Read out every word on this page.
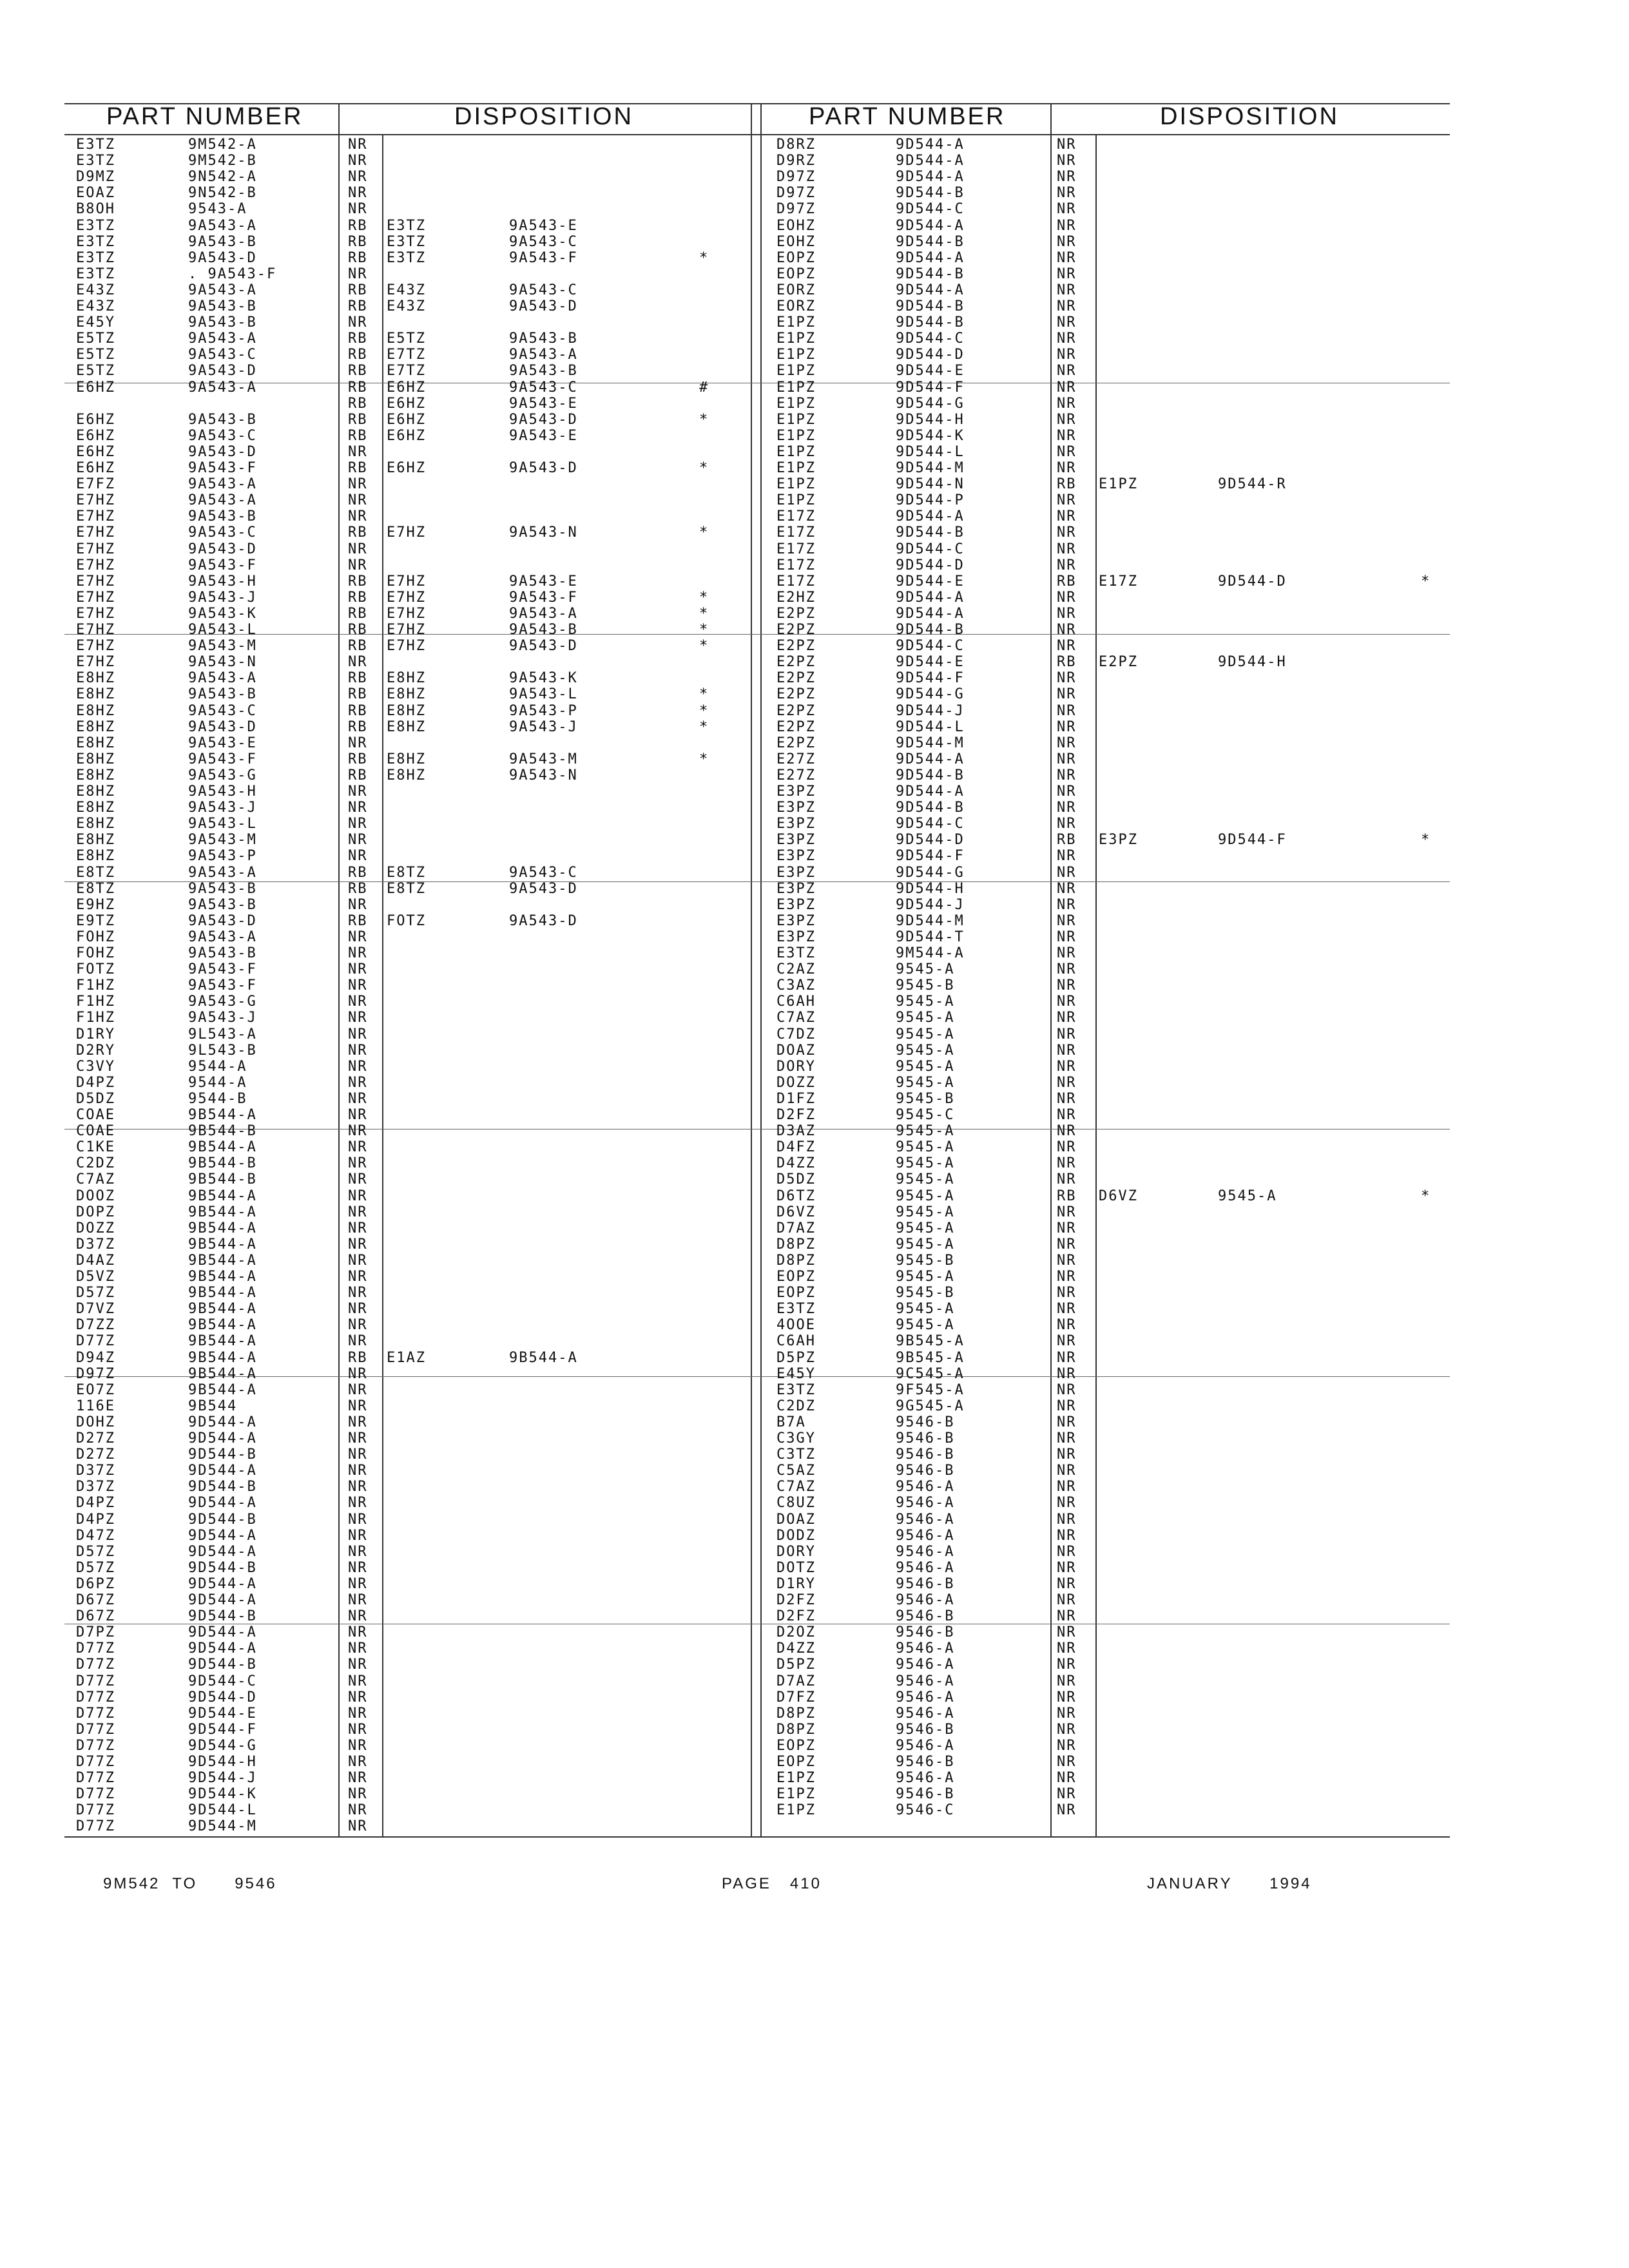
PART NUMBER	DISPOSITION	PART NUMBER	DISPOSITION
E3TZ	9M542-A	NR
E3TZ	9M542-B	NR
D9MZ	9N542-A	NR
EOAZ	9N542-B	NR
B8OH	9543-A	NR
E3TZ	9A543-A	RB E3TZ	9A543-E
E3TZ	9A543-B	RB E3TZ	9A543-C
E3TZ	9A543-D	RB E3TZ	9A543-F	*
E3TZ	. 9A543-F	NR
E43Z	9A543-A	RB E43Z	9A543-C
E43Z	9A543-B	RB E43Z	9A543-D
E45Y	9A543-B	NR
E5TZ	9A543-A	RB E5TZ	9A543-B
E5TZ	9A543-C	RB E7TZ	9A543-A
E5TZ	9A543-D	RB E7TZ	9A543-B
E6HZ	9A543-A	RB E6HZ	9A543-C	#
RB E6HZ	9A543-E
E6HZ	9A543-B	RB E6HZ	9A543-D	*
E6HZ	9A543-C	RB E6HZ	9A543-E
E6HZ	9A543-D	NR
E6HZ	9A543-F	RB E6HZ	9A543-D	*
E7FZ	9A543-A	NR
E7HZ	9A543-A	NR
E7HZ	9A543-B	NR
E7HZ	9A543-C	RB E7HZ	9A543-N	*
E7HZ	9A543-D	NR
E7HZ	9A543-F	NR
E7HZ	9A543-H	RB E7HZ	9A543-E
E7HZ	9A543-J	RB E7HZ	9A543-F	*
E7HZ	9A543-K	RB E7HZ	9A543-A	*
E7HZ	9A543-L	RB E7HZ	9A543-B	*
E7HZ	9A543-M	RB E7HZ	9A543-D	*
E7HZ	9A543-N	NR
E8HZ	9A543-A	RB E8HZ	9A543-K
E8HZ	9A543-B	RB E8HZ	9A543-L	*
E8HZ	9A543-C	RB E8HZ	9A543-P	*
E8HZ	9A543-D	RB E8HZ	9A543-J	*
E8HZ	9A543-E	NR
E8HZ	9A543-F	RB E8HZ	9A543-M	*
E8HZ	9A543-G	RB E8HZ	9A543-N
E8HZ	9A543-H	NR
E8HZ	9A543-J	NR
E8HZ	9A543-L	NR
E8HZ	9A543-M	NR
E8HZ	9A543-P	NR
E8TZ	9A543-A	RB E8TZ	9A543-C
E8TZ	9A543-B	RB E8TZ	9A543-D
E9HZ	9A543-B	NR
E9TZ	9A543-D	RB FOTZ	9A543-D
FOHZ	9A543-A	NR
FOHZ	9A543-B	NR
FOTZ	9A543-F	NR
F1HZ	9A543-F	NR
F1HZ	9A543-G	NR
F1HZ	9A543-J	NR
D1RY	9L543-A	NR
D2RY	9L543-B	NR
C3VY	9544-A	NR
D4PZ	9544-A	NR
D5DZ	9544-B	NR
COAE	9B544-A	NR
COAE	9B544-B	NR
C1KE	9B544-A	NR
C2DZ	9B544-B	NR
C7AZ	9B544-B	NR
DOOZ	9B544-A	NR
DOPZ	9B544-A	NR
DOZZ	9B544-A	NR
D37Z	9B544-A	NR
D4AZ	9B544-A	NR
D5VZ	9B544-A	NR
D57Z	9B544-A	NR
D7VZ	9B544-A	NR
D7ZZ	9B544-A	NR
D77Z	9B544-A	NR
D94Z	9B544-A	RB E1AZ	9B544-A
D97Z	9B544-A	NR
EO7Z	9B544-A	NR
116E	9B544	NR
DOHZ	9D544-A	NR
D27Z	9D544-A	NR
D27Z	9D544-B	NR
D37Z	9D544-A	NR
D37Z	9D544-B	NR
D4PZ	9D544-A	NR
D4PZ	9D544-B	NR
D47Z	9D544-A	NR
D57Z	9D544-A	NR
D57Z	9D544-B	NR
D6PZ	9D544-A	NR
D67Z	9D544-A	NR
D67Z	9D544-B	NR
D7PZ	9D544-A	NR
D77Z	9D544-A	NR
D77Z	9D544-B	NR
D77Z	9D544-C	NR
D77Z	9D544-D	NR
D77Z	9D544-E	NR
D77Z	9D544-F	NR
D77Z	9D544-G	NR
D77Z	9D544-H	NR
D77Z	9D544-J	NR
D77Z	9D544-K	NR
D77Z	9D544-L	NR
D77Z	9D544-M	NR
D8RZ	9D544-A	NR
D9RZ	9D544-A	NR
D97Z	9D544-A	NR
D97Z	9D544-B	NR
D97Z	9D544-C	NR
EOHZ	9D544-A	NR
EOHZ	9D544-B	NR
EOPZ	9D544-A	NR
EOPZ	9D544-B	NR
EORZ	9D544-A	NR
EORZ	9D544-B	NR
E1PZ	9D544-B	NR
E1PZ	9D544-C	NR
E1PZ	9D544-D	NR
E1PZ	9D544-E	NR
E1PZ	9D544-F	NR
E1PZ	9D544-G	NR
E1PZ	9D544-H	NR
E1PZ	9D544-K	NR
E1PZ	9D544-L	NR
E1PZ	9D544-M	NR
E1PZ	9D544-N	RB E1PZ	9D544-R
E1PZ	9D544-P	NR
E17Z	9D544-A	NR
E17Z	9D544-B	NR
E17Z	9D544-C	NR
E17Z	9D544-D	NR
E17Z	9D544-E	RB E17Z	9D544-D	*
E2HZ	9D544-A	NR
E2PZ	9D544-A	NR
E2PZ	9D544-B	NR
E2PZ	9D544-C	NR
E2PZ	9D544-E	RB E2PZ	9D544-H
E2PZ	9D544-F	NR
E2PZ	9D544-G	NR
E2PZ	9D544-J	NR
E2PZ	9D544-L	NR
E2PZ	9D544-M	NR
E27Z	9D544-A	NR
E27Z	9D544-B	NR
E3PZ	9D544-A	NR
E3PZ	9D544-B	NR
E3PZ	9D544-C	NR
E3PZ	9D544-D	RB E3PZ	9D544-F	*
E3PZ	9D544-F	NR
E3PZ	9D544-G	NR
E3PZ	9D544-H	NR
E3PZ	9D544-J	NR
E3PZ	9D544-M	NR
E3PZ	9D544-T	NR
E3TZ	9M544-A	NR
C2AZ	9545-A	NR
C3AZ	9545-B	NR
C6AH	9545-A	NR
C7AZ	9545-A	NR
C7DZ	9545-A	NR
DOAZ	9545-A	NR
DORY	9545-A	NR
DOZZ	9545-A	NR
D1FZ	9545-B	NR
D2FZ	9545-C	NR
D3AZ	9545-A	NR
D4FZ	9545-A	NR
D4ZZ	9545-A	NR
D5DZ	9545-A	NR
D6TZ	9545-A	RB D6VZ	9545-A	*
D6VZ	9545-A	NR
D7AZ	9545-A	NR
D8PZ	9545-A	NR
D8PZ	9545-B	NR
EOPZ	9545-A	NR
EOPZ	9545-B	NR
E3TZ	9545-A	NR
4OOE	9545-A	NR
C6AH	9B545-A	NR
D5PZ	9B545-A	NR
E45Y	9C545-A	NR
E3TZ	9F545-A	NR
C2DZ	9G545-A	NR
B7A	9546-B	NR
C3GY	9546-B	NR
C3TZ	9546-B	NR
C5AZ	9546-B	NR
C7AZ	9546-A	NR
C8UZ	9546-A	NR
DOAZ	9546-A	NR
DODZ	9546-A	NR
DORY	9546-A	NR
DOTZ	9546-A	NR
D1RY	9546-B	NR
D2FZ	9546-A	NR
D2FZ	9546-B	NR
D2OZ	9546-B	NR
D4ZZ	9546-A	NR
D5PZ	9546-A	NR
D7AZ	9546-A	NR
D7FZ	9546-A	NR
D8PZ	9546-A	NR
D8PZ	9546-B	NR
EOPZ	9546-A	NR
EOPZ	9546-B	NR
E1PZ	9546-A	NR
E1PZ	9546-B	NR
E1PZ	9546-C	NR
9M542  TO      9546	PAGE   410	JANUARY      1994
